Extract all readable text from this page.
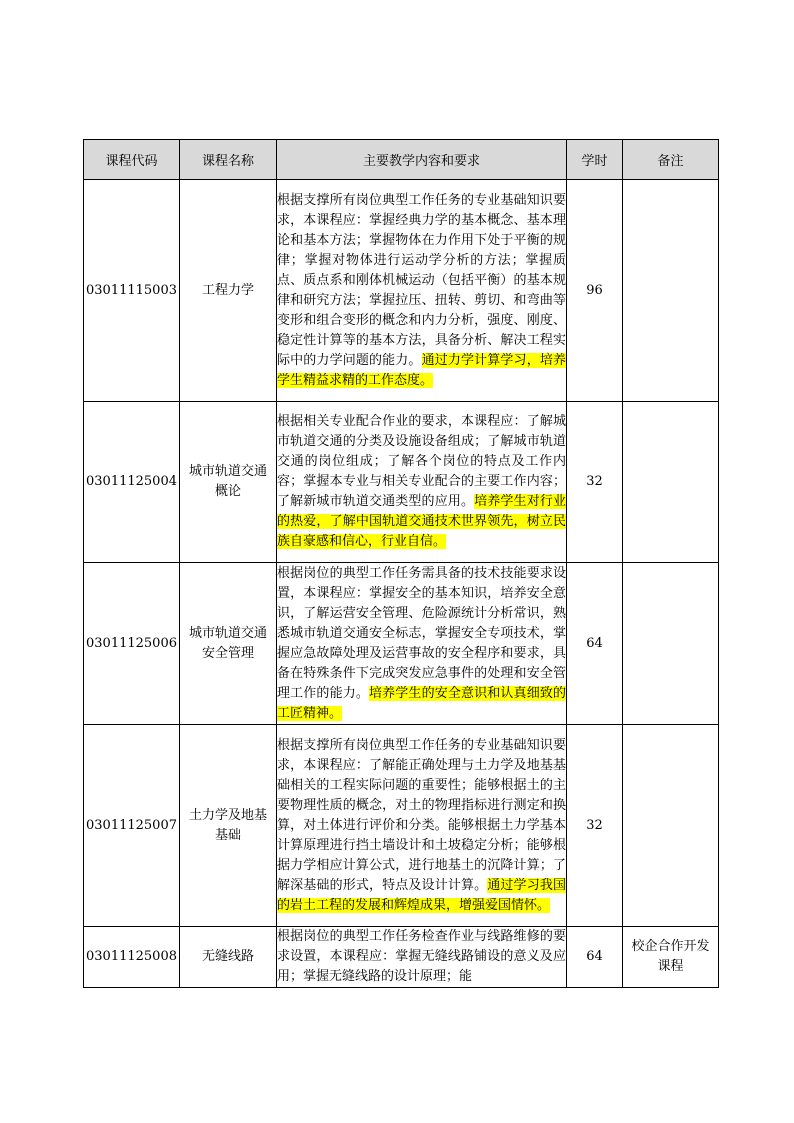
课程代码	课程名称	主要教学内容和要求	学时	备注
03011115003	工程力学	根据支撑所有岗位典型工作任务的专业基础知识要求，本课程应：掌握经典力学的基本概念、基本理论和基本方法；掌握物体在力作用下处于平衡的规律；掌握对物体进行运动学分析的方法；掌握质点、质点系和刚体机械运动（包括平衡）的基本规律和研究方法；掌握拉压、扭转、剪切、和弯曲等变形和组合变形的概念和内力分析，强度、刚度、稳定性计算等的基本方法，具备分析、解决工程实际中的力学问题的能力。通过力学计算学习，培养学生精益求精的工作态度。	96	
03011125004	城市轨道交通概论	根据相关专业配合作业的要求，本课程应：了解城市轨道交通的分类及设施设备组成；了解城市轨道交通的岗位组成；了解各个岗位的特点及工作内容；掌握本专业与相关专业配合的主要工作内容；了解新城市轨道交通类型的应用。培养学生对行业的热爱，了解中国轨道交通技术世界领先，树立民族自豪感和信心，行业自信。	32	
03011125006	城市轨道交通安全管理	根据岗位的典型工作任务需具备的技术技能要求设置，本课程应：掌握安全的基本知识，培养安全意识，了解运营安全管理、危险源统计分析常识，熟悉城市轨道交通安全标志，掌握安全专项技术，掌握应急故障处理及运营事故的安全程序和要求，具备在特殊条件下完成突发应急事件的处理和安全管理工作的能力。培养学生的安全意识和认真细致的工匠精神。	64	
03011125007	土力学及地基基础	根据支撑所有岗位典型工作任务的专业基础知识要求，本课程应：了解能正确处理与土力学及地基基础相关的工程实际问题的重要性；能够根据土的主要物理性质的概念，对土的物理指标进行测定和换算，对土体进行评价和分类。能够根据土力学基本计算原理进行挡土墙设计和土坡稳定分析；能够根据力学相应计算公式，进行地基土的沉降计算；了解深基础的形式，特点及设计计算。通过学习我国的岩土工程的发展和辉煌成果，增强爱国情怀。	32	
03011125008	无缝线路	根据岗位的典型工作任务检查作业与线路维修的要求设置，本课程应：掌握无缝线路铺设的意义及应用；掌握无缝线路的设计原理；能	64	校企合作开发课程
